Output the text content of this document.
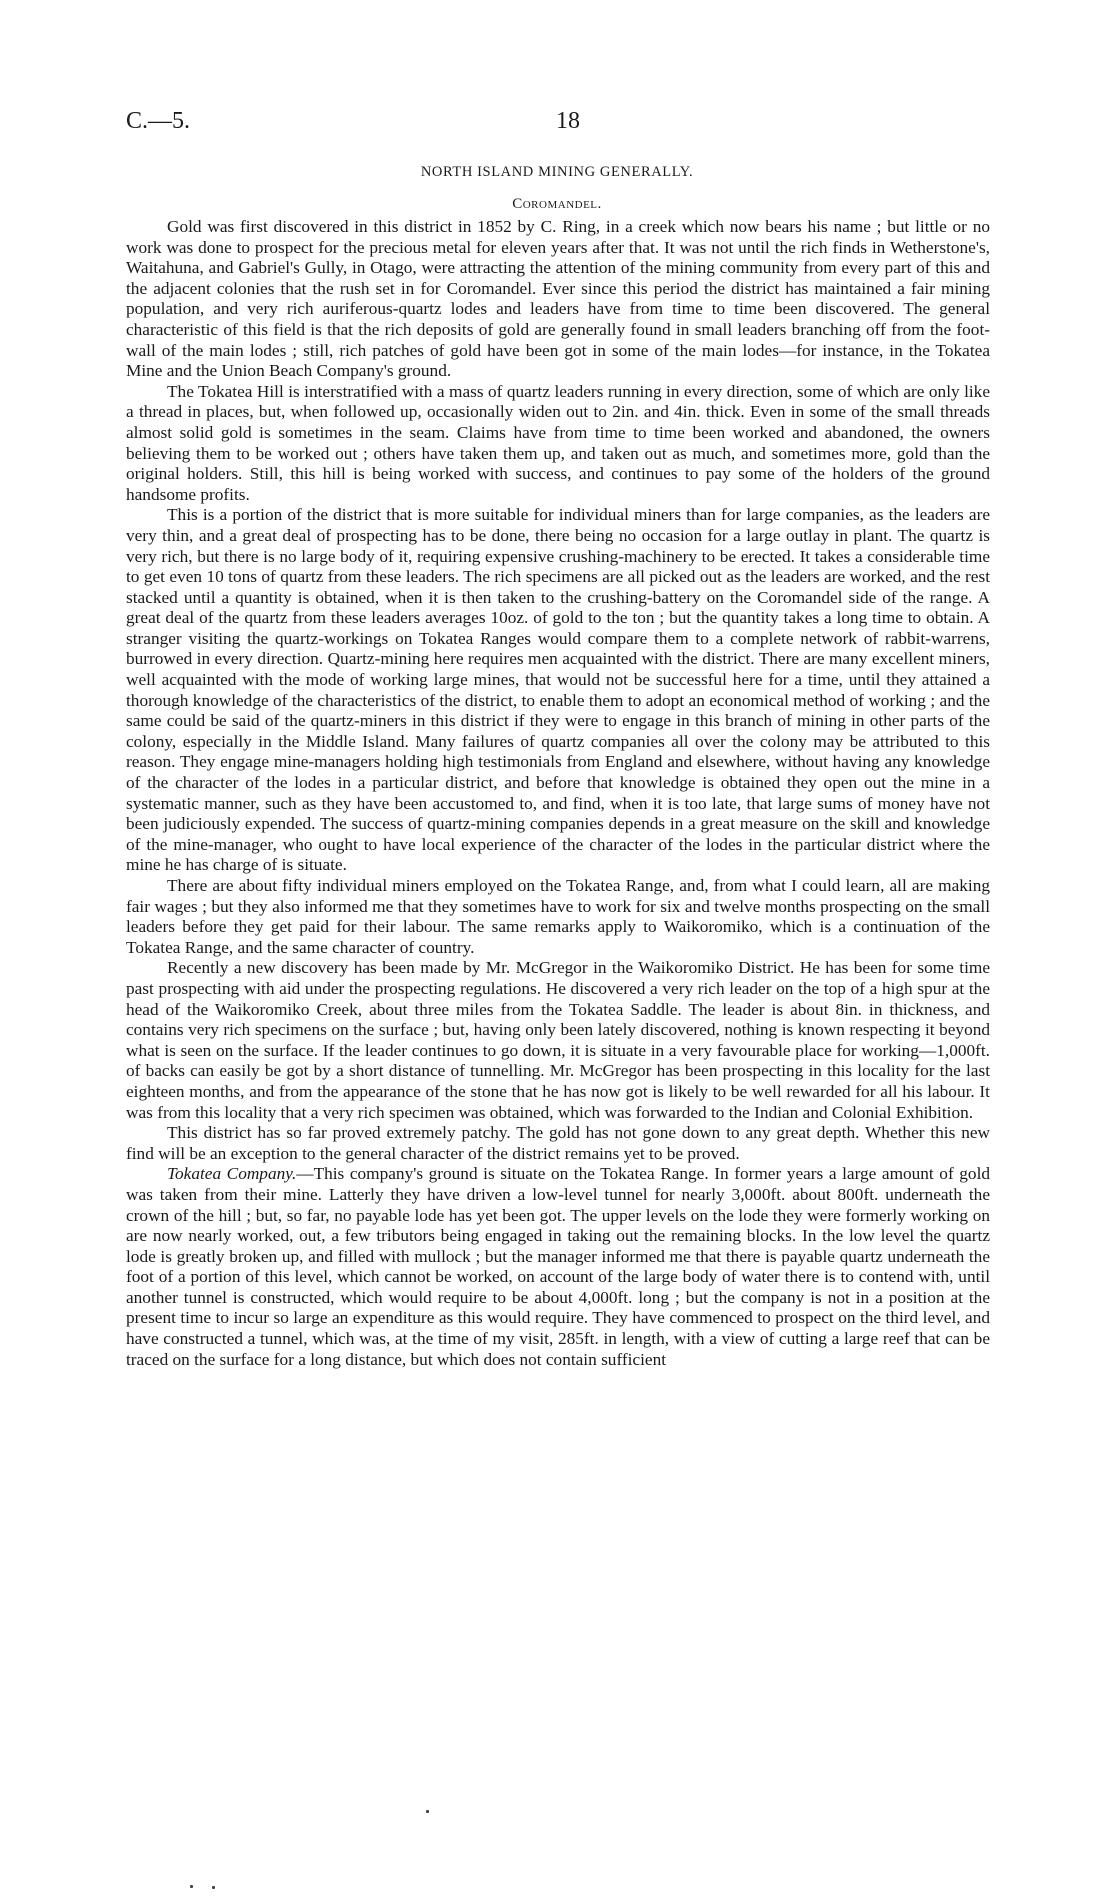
C.—5.	18
NORTH ISLAND MINING GENERALLY.
Coromandel.

Gold was first discovered in this district in 1852 by C. Ring, in a creek which now bears his name ; but little or no work was done to prospect for the precious metal for eleven years after that. It was not until the rich finds in Wetherstone's, Waitahuna, and Gabriel's Gully, in Otago, were attracting the attention of the mining community from every part of this and the adjacent colonies that the rush set in for Coromandel. Ever since this period the district has maintained a fair mining population, and very rich auriferous-quartz lodes and leaders have from time to time been discovered. The general characteristic of this field is that the rich deposits of gold are generally found in small leaders branching off from the foot-wall of the main lodes ; still, rich patches of gold have been got in some of the main lodes—for instance, in the Tokatea Mine and the Union Beach Company's ground.

The Tokatea Hill is interstratified with a mass of quartz leaders running in every direction, some of which are only like a thread in places, but, when followed up, occasionally widen out to 2in. and 4in. thick. Even in some of the small threads almost solid gold is sometimes in the seam. Claims have from time to time been worked and abandoned, the owners believing them to be worked out ; others have taken them up, and taken out as much, and sometimes more, gold than the original holders. Still, this hill is being worked with success, and continues to pay some of the holders of the ground handsome profits.

This is a portion of the district that is more suitable for individual miners than for large companies, as the leaders are very thin, and a great deal of prospecting has to be done, there being no occasion for a large outlay in plant. The quartz is very rich, but there is no large body of it, requiring expensive crushing-machinery to be erected. It takes a considerable time to get even 10 tons of quartz from these leaders. The rich specimens are all picked out as the leaders are worked, and the rest stacked until a quantity is obtained, when it is then taken to the crushing-battery on the Coromandel side of the range. A great deal of the quartz from these leaders averages 10oz. of gold to the ton ; but the quantity takes a long time to obtain. A stranger visiting the quartz-workings on Tokatea Ranges would compare them to a complete network of rabbit-warrens, burrowed in every direction. Quartz-mining here requires men acquainted with the district. There are many excellent miners, well acquainted with the mode of working large mines, that would not be successful here for a time, until they attained a thorough knowledge of the characteristics of the district, to enable them to adopt an economical method of working ; and the same could be said of the quartz-miners in this district if they were to engage in this branch of mining in other parts of the colony, especially in the Middle Island. Many failures of quartz companies all over the colony may be attributed to this reason. They engage mine-managers holding high testimonials from England and elsewhere, without having any knowledge of the character of the lodes in a particular district, and before that knowledge is obtained they open out the mine in a systematic manner, such as they have been accustomed to, and find, when it is too late, that large sums of money have not been judiciously expended. The success of quartz-mining companies depends in a great measure on the skill and knowledge of the mine-manager, who ought to have local experience of the character of the lodes in the particular district where the mine he has charge of is situate.

There are about fifty individual miners employed on the Tokatea Range, and, from what I could learn, all are making fair wages ; but they also informed me that they sometimes have to work for six and twelve months prospecting on the small leaders before they get paid for their labour. The same remarks apply to Waikoromiko, which is a continuation of the Tokatea Range, and the same character of country.

Recently a new discovery has been made by Mr. McGregor in the Waikoromiko District. He has been for some time past prospecting with aid under the prospecting regulations. He discovered a very rich leader on the top of a high spur at the head of the Waikoromiko Creek, about three miles from the Tokatea Saddle. The leader is about 8in. in thickness, and contains very rich specimens on the surface ; but, having only been lately discovered, nothing is known respecting it beyond what is seen on the surface. If the leader continues to go down, it is situate in a very favourable place for working—1,000ft. of backs can easily be got by a short distance of tunnelling. Mr. McGregor has been prospecting in this locality for the last eighteen months, and from the appearance of the stone that he has now got is likely to be well rewarded for all his labour. It was from this locality that a very rich specimen was obtained, which was forwarded to the Indian and Colonial Exhibition.

This district has so far proved extremely patchy. The gold has not gone down to any great depth. Whether this new find will be an exception to the general character of the district remains yet to be proved.

Tokatea Company.—This company's ground is situate on the Tokatea Range. In former years a large amount of gold was taken from their mine. Latterly they have driven a low-level tunnel for nearly 3,000ft. about 800ft. underneath the crown of the hill ; but, so far, no payable lode has yet been got. The upper levels on the lode they were formerly working on are now nearly worked, out, a few tributors being engaged in taking out the remaining blocks. In the low level the quartz lode is greatly broken up, and filled with mullock ; but the manager informed me that there is payable quartz underneath the foot of a portion of this level, which cannot be worked, on account of the large body of water there is to contend with, until another tunnel is constructed, which would require to be about 4,000ft. long ; but the company is not in a position at the present time to incur so large an expenditure as this would require. They have commenced to prospect on the third level, and have constructed a tunnel, which was, at the time of my visit, 285ft. in length, with a view of cutting a large reef that can be traced on the surface for a long distance, but which does not contain sufficient
